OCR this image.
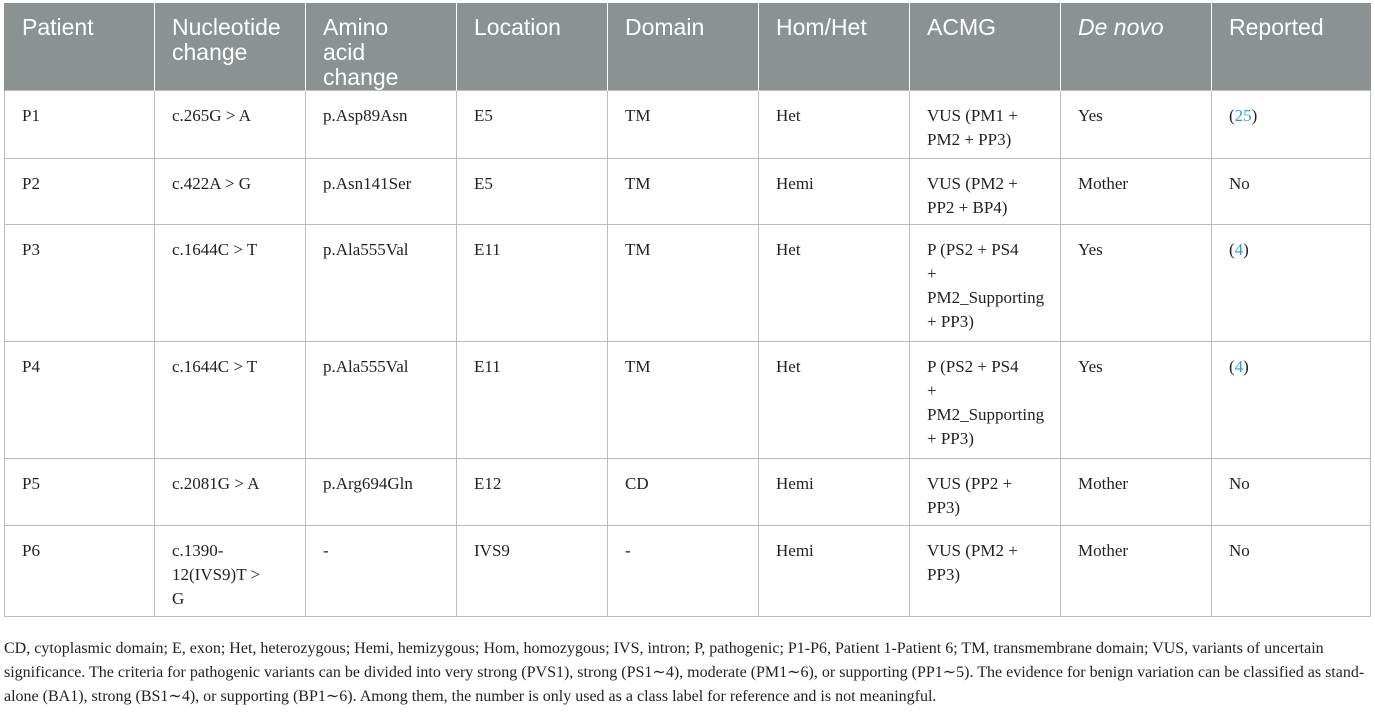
Patient	Nucleotide
change	Amino
acid
change	Location	Domain	Hom/Het	ACMG	De novo	Reported
P1	c.265G > A	p.Asp89Asn	E5	TM	Het	VUS (PM1 +
PM2 + PP3)	Yes	(25)
P2	c.422A > G	p.Asn141Ser	E5	TM	Hemi	VUS (PM2 +
PP2 + BP4)	Mother	No
P3	c.1644C > T	p.Ala555Val	E11	TM	Het	P (PS2 + PS4
+
PM2_Supporting
+ PP3)	Yes	(4)
P4	c.1644C > T	p.Ala555Val	E11	TM	Het	P (PS2 + PS4
+
PM2_Supporting
+ PP3)	Yes	(4)
P5	c.2081G > A	p.Arg694Gln	E12	CD	Hemi	VUS (PP2 +
PP3)	Mother	No
P6	c.1390-
12(IVS9)T >
G	-	IVS9	-	Hemi	VUS (PM2 +
PP3)	Mother	No

CD, cytoplasmic domain; E, exon; Het, heterozygous; Hemi, hemizygous; Hom, homozygous; IVS, intron; P, pathogenic; P1-P6, Patient 1-Patient 6; TM, transmembrane domain; VUS, variants of uncertain significance. The criteria for pathogenic variants can be divided into very strong (PVS1), strong (PS1∼4), moderate (PM1∼6), or supporting (PP1∼5). The evidence for benign variation can be classified as stand-alone (BA1), strong (BS1∼4), or supporting (BP1∼6). Among them, the number is only used as a class label for reference and is not meaningful.
